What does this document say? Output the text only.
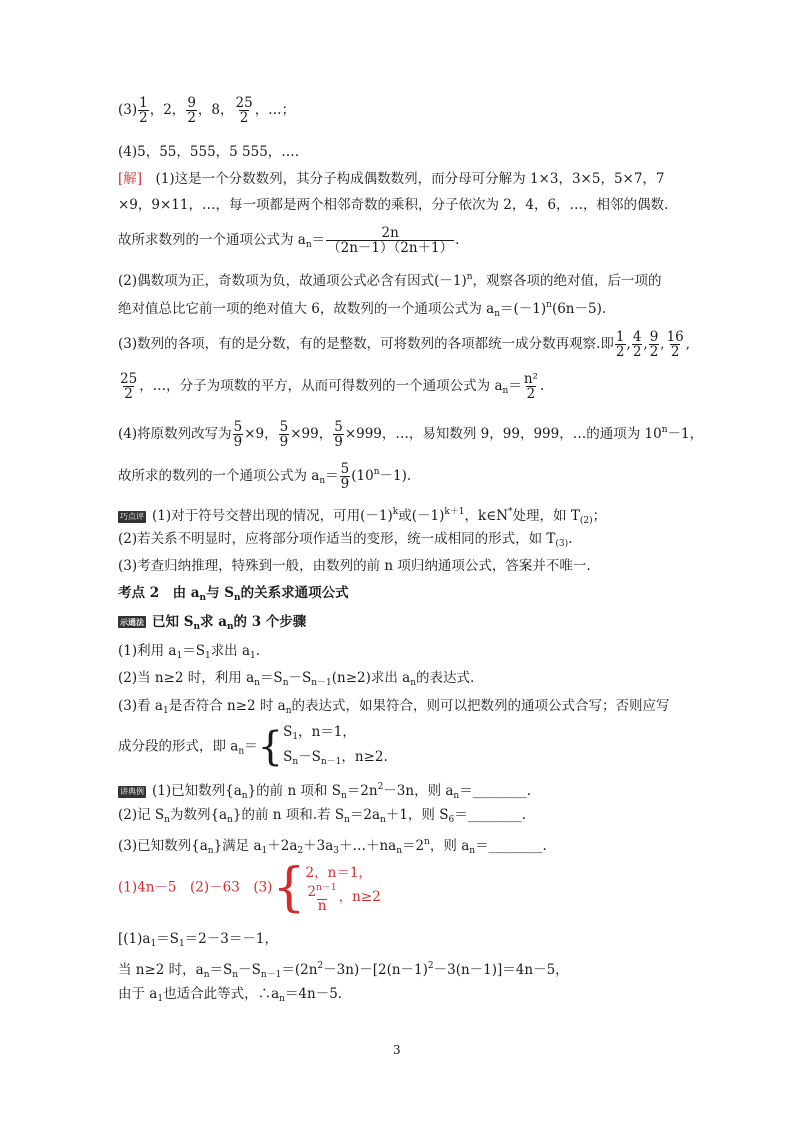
$(3) \frac{1}{2}$ ，2， $\frac{9}{2}$ ，8， $\frac{25}{2}$ ，…；
(4)5，55，555，5 555，….
[解]　 (1)这是一个分数数列，其分子构成偶数数列，而分母可分解为 1×3，3×5，5×7，7
×9，9×11，…，每一项都是两个相邻奇数的乘积，分子依次为 2，4，6，…，相邻的偶数.
故所求数列的一个通项公式为 $a_n= \frac{2n}{(2n-1)(2n+1)}$ .
(2)偶数项为正，奇数项为负，故通项公式必含有因式$(-1)^n$，观察各项的绝对值，后一项的
绝对值总比它前一项的绝对值大 6，故数列的一个通项公式为 $a_n=(-1)^n(6n-5)$.
(3)数列的各项，有的是分数，有的是整数，可将数列的各项都统一成分数再观察.即 $\frac{1}{2}$ , $\frac{4}{2}$ , $\frac{9}{2}$ , $\frac{16}{2}$ ,
$\frac{25}{2}$ ，…，分子为项数的平方，从而可得数列的一个通项公式为 $a_n= \frac{\text{n²}}{2}$ .
(4)将原数列改写为 $\frac{5}{9} \times 9$， $\frac{5}{9} \times 99$， $\frac{5}{9} \times 999$，…，易知数列 9，99，999，…的通项为 $10^n-1$，
故所求的数列的一个通项公式为 $a_n= \frac{5}{9} (10^n-1)$.
巧点评 (1)对于符号交替出现的情况，可用$(-1)^k$或$(-1)^{k+1}$，k∈N*处理，如 $T_{(2)}$；
(2)若关系不明显时，应将部分项作适当的变形，统一成相同的形式，如 $T_{(3)}$.
(3)考查归纳推理，特殊到一般，由数列的前 n 项归纳通项公式，答案并不唯一.
考点 2　由 $a_n$与 $S_n$的关系求通项公式
示通法 已知 $S_n$求 $a_n$的 3 个步骤
(1)利用 $a_1=S_1$求出 $a_1$.
(2)当 n≥2 时，利用 $a_n=S_n-S_{n-1}(n\ge 2)$求出 $a_n$的表达式.
(3)看 $a_1$是否符合 n≥2 时 $a_n$的表达式，如果符合，则可以把数列的通项公式合写；否则应写
成分段的形式，即 $a_n=${ $S_1$，n＝1，
$S_n-S_{n-1}$，n≥2.
讲典例 (1)已知数列$\{a_n\}$的前 n 项和 $S_n=2n^2-3n$，则 $a_n=\_\_\_\_\_\_\_\_$.
(2)记 $S_n$为数列$\{a_n\}$的前 n 项和.若 $S_n=2a_n+1$，则 $S_6=\_\_\_\_\_\_\_\_$.
(3)已知数列$\{a_n\}$满足 $a_1+2a_2+3a_3+\dots+na_n=2^n$，则 $a_n=\_\_\_\_\_\_\_\_$.
(1)4n－5　 (2)－63　 (3){ 2，n＝1，
$\frac{2^{n-1}}{n}$ ，n≥2
[$(1)a_1=S_1=2-3=-1$，
当 n≥2 时，$a_n=S_n-S_{n-1}=(2n^2-3n)-[2(n-1)^2-3(n-1)]=4n-5$，
由于 $a_1$也适合此等式，$\therefore a_n=4n-5$.
3
